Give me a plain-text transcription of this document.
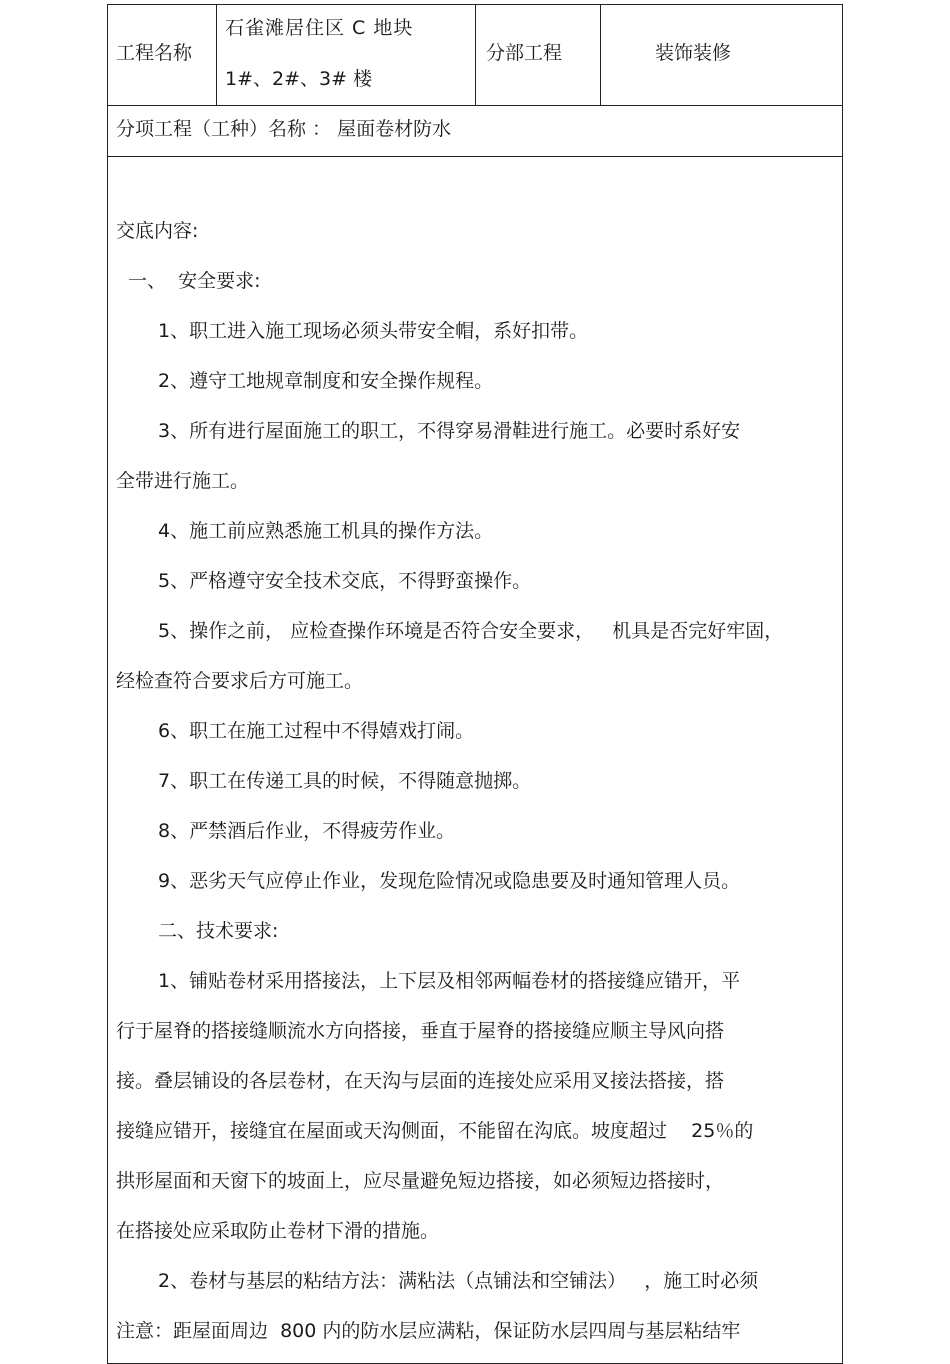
工程名称
石雀滩居住区 C 地块
1#、2#、3# 楼
分部工程	装饰装修
分项工程（工种）名称 ： 屋面卷材防水
交底内容:
一、  安全要求:
1、职工进入施工现场必须头带安全帽，系好扣带。
2、遵守工地规章制度和安全操作规程。
3、所有进行屋面施工的职工，不得穿易滑鞋进行施工。必要时系好安
全带进行施工。
4、施工前应熟悉施工机具的操作方法。
5、严格遵守安全技术交底，不得野蛮操作。
5、操作之前， 应检查操作环境是否符合安全要求，   机具是否完好牢固，
经检查符合要求后方可施工。
6、职工在施工过程中不得嬉戏打闹。
7、职工在传递工具的时候，不得随意抛掷。
8、严禁酒后作业，不得疲劳作业。
9、恶劣天气应停止作业，发现危险情况或隐患要及时通知管理人员。
二、技术要求:
1、铺贴卷材采用搭接法，上下层及相邻两幅卷材的搭接缝应错开，平
行于屋脊的搭接缝顺流水方向搭接，垂直于屋脊的搭接缝应顺主导风向搭
接。叠层铺设的各层卷材，在天沟与层面的连接处应采用叉接法搭接，搭
接缝应错开，接缝宜在屋面或天沟侧面，不能留在沟底。坡度超过    25％的
拱形屋面和天窗下的坡面上，应尽量避免短边搭接，如必须短边搭接时，
在搭接处应采取防止卷材下滑的措施。
2、卷材与基层的粘结方法：满粘法（点铺法和空铺法）   ，施工时必须
注意：距屋面周边  800 内的防水层应满粘，保证防水层四周与基层粘结牢
